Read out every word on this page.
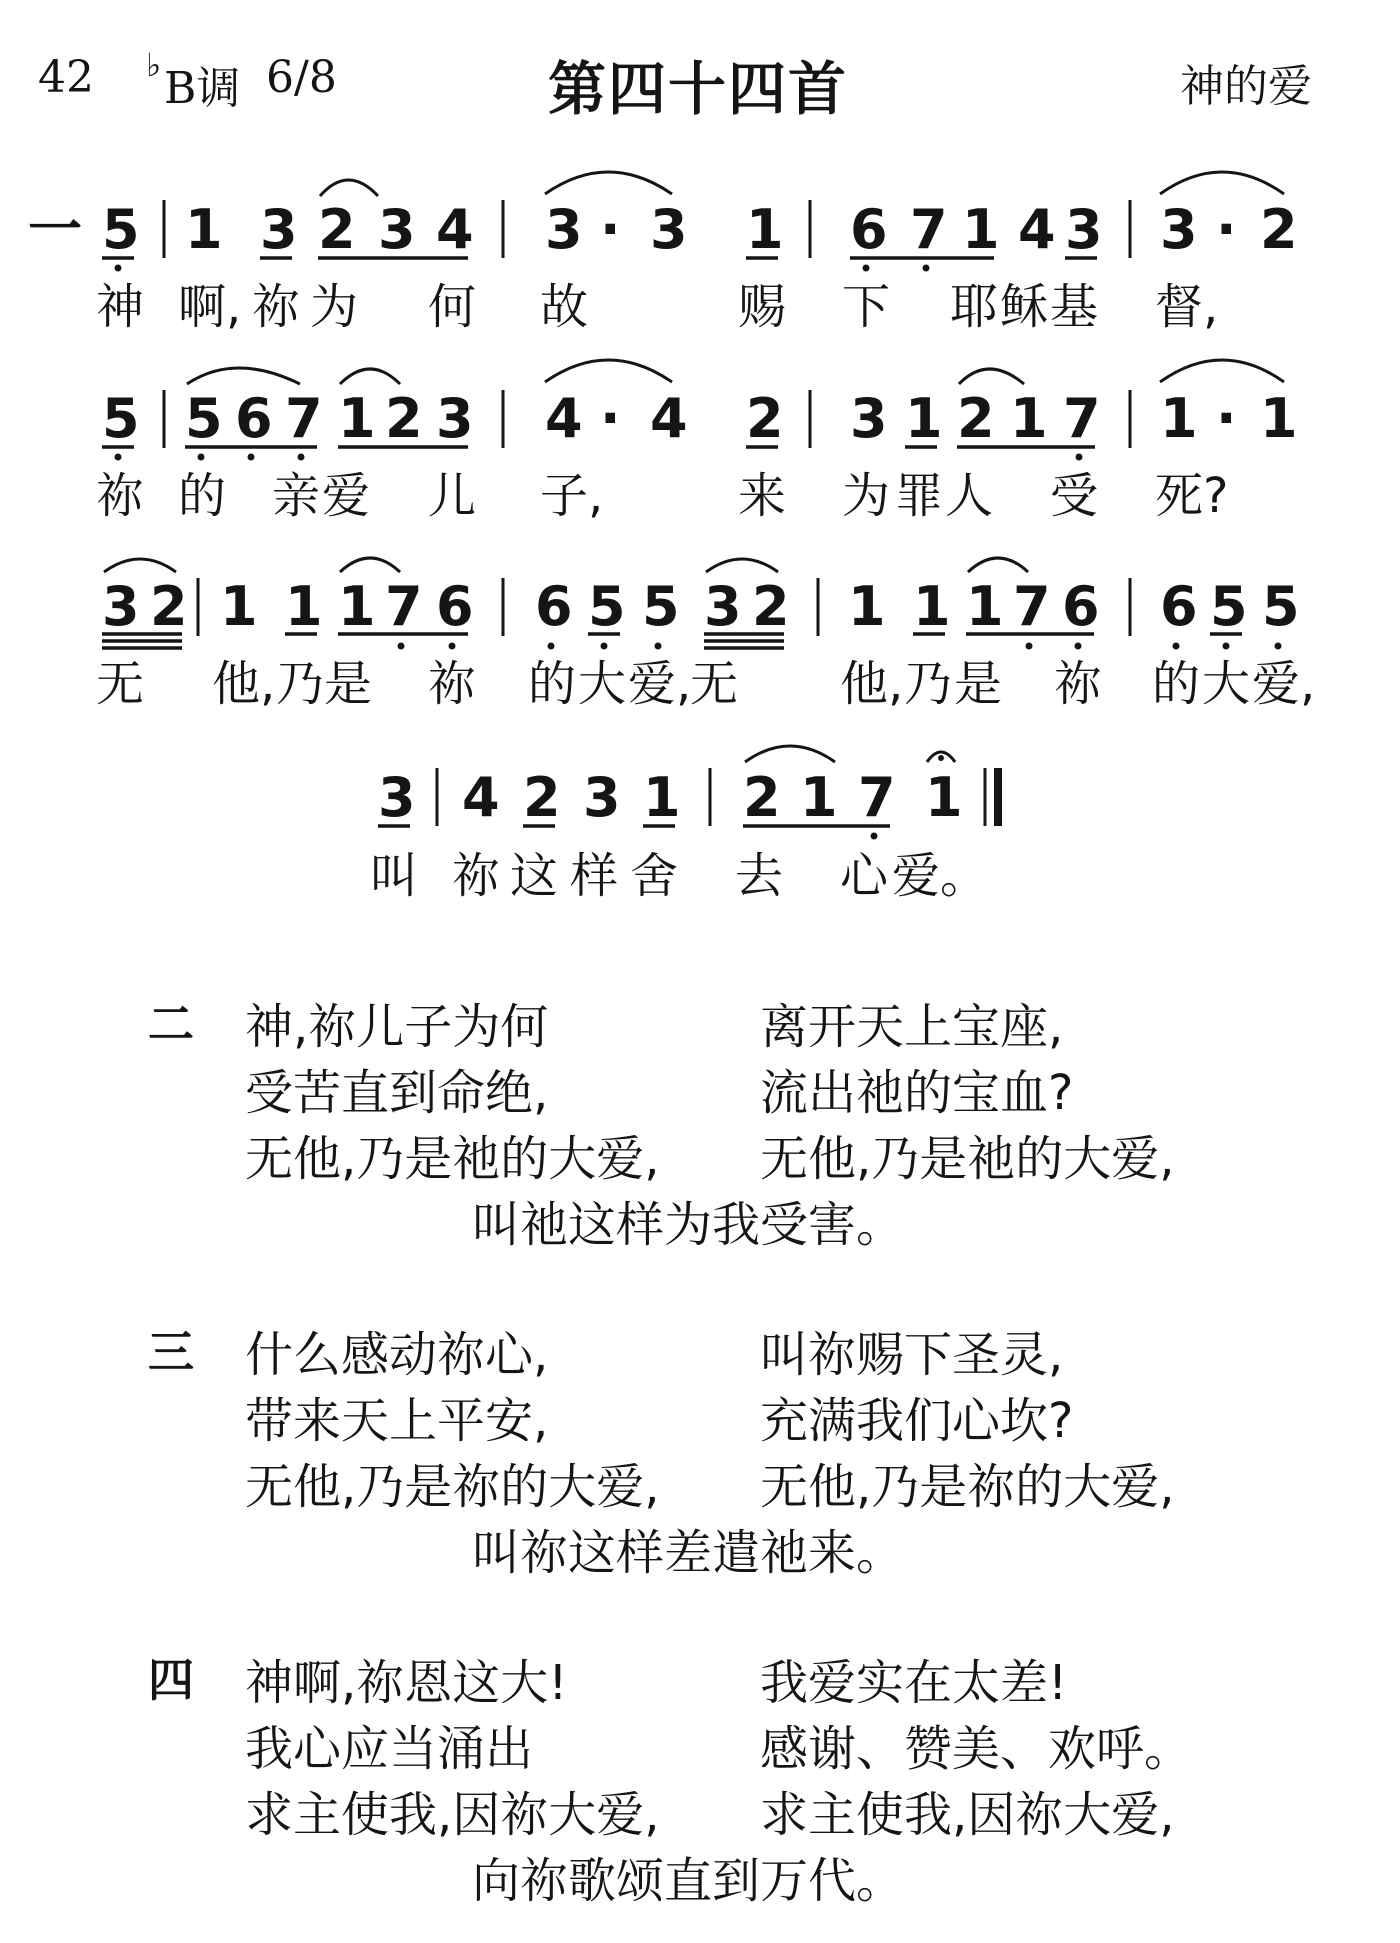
42 ♭ B调 6/8	第四十四首	神的爱
一 5 1 3 2 3 4 3 · 3 1 6 7 1 4 3 3 · 2
神 啊, 祢 为 何 故	赐 下 耶 稣 基 督,
5 5 6 7 1 2 3 4 · 4 2 3 1 2 1 7 1 · 1
祢 的 亲 爱 儿 子,	来 为 罪 人 受 死?
3 2 1 1 1 7 6 6 5 5 3 2 1 1 1 7 6 6 5 5
无 他, 乃 是 祢 的 大 爱,
无 他, 乃 是 祢 的 大 爱,
3 4 2 3 1 2 1 7 1
叫 祢 这 样 舍 去 心 爱。
二 神,祢儿子为何	离开天上宝座,
受苦直到命绝,	流出祂的宝血?
无他,乃是祂的大爱, 无他,乃是祂的大爱,
叫祂这样为我受害。
三 什么感动祢心,	叫祢赐下圣灵,
带来天上平安,	充满我们心坎?
无他,乃是祢的大爱, 无他,乃是祢的大爱,
叫祢这样差遣祂来。
四 神啊,祢恩这大!	我爱实在太差!
我心应当涌出	感谢、赞美、欢呼。
求主使我,因祢大爱, 求主使我,因祢大爱,
向祢歌颂直到万代。
